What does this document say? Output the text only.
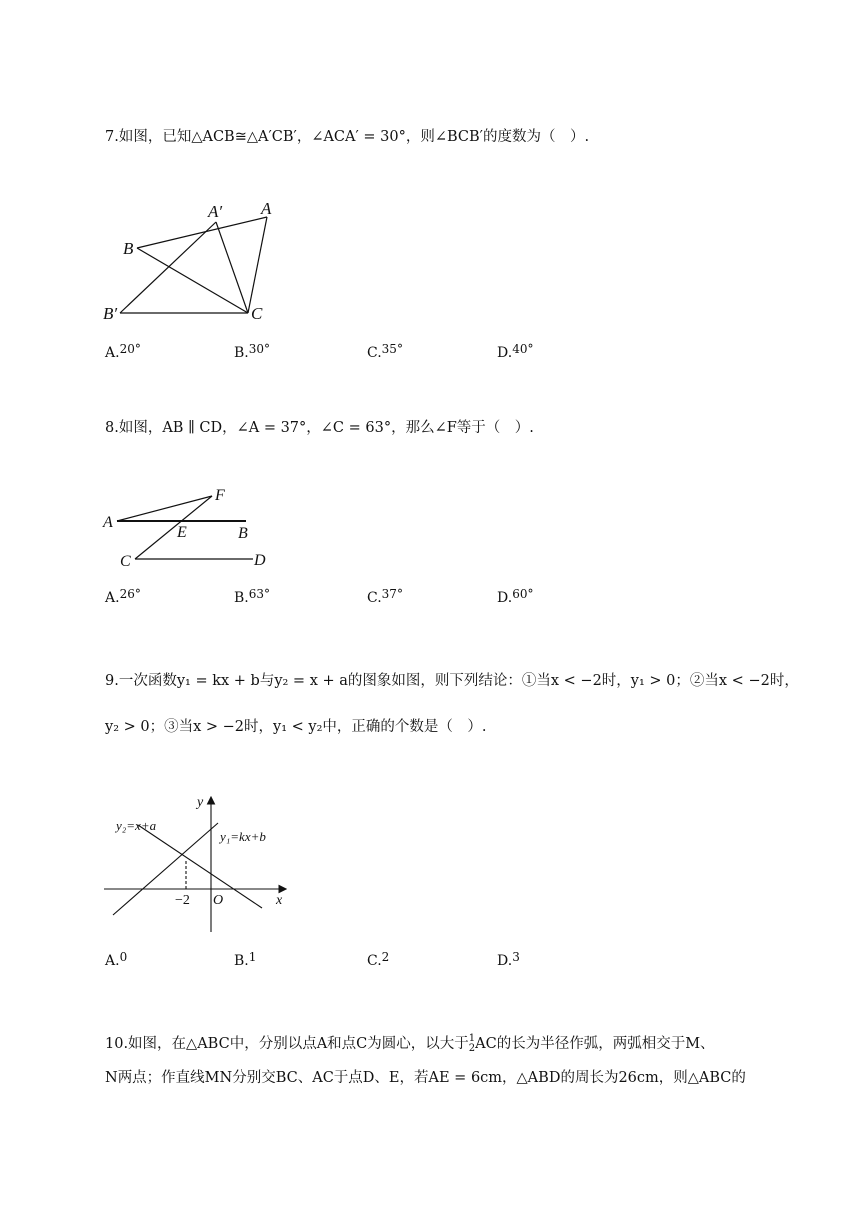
7.如图，已知△ACB≅△A′CB′，∠ACA′ = 30°，则∠BCB′的度数为（　）.
A′ A
B
B′	C
A.20°	B.30°	C.35°	D.40°
8.如图，AB ∥ CD，∠A = 37°，∠C = 63°，那么∠F等于（　）.
F
A
E	B
C	D
A.26°	B.63°	C.37°	D.60°
9.一次函数y₁ = kx + b与y₂ = x + a的图象如图，则下列结论：①当x < −2时，y₁ > 0；②当x < −2时，
y₂ > 0；③当x > −2时，y₁ < y₂中，正确的个数是（　）.
y
x
O
y₂=x+a
y₁=kx+b
−2
A.0	B.1	C.2	D.3
10.如图，在△ABC中，分别以点A和点C为圆心，以大于1
2AC的长为半径作弧，两弧相交于M、
N两点；作直线MN分别交BC、AC于点D、E，若AE = 6cm，△ABD的周长为26cm，则△ABC的
